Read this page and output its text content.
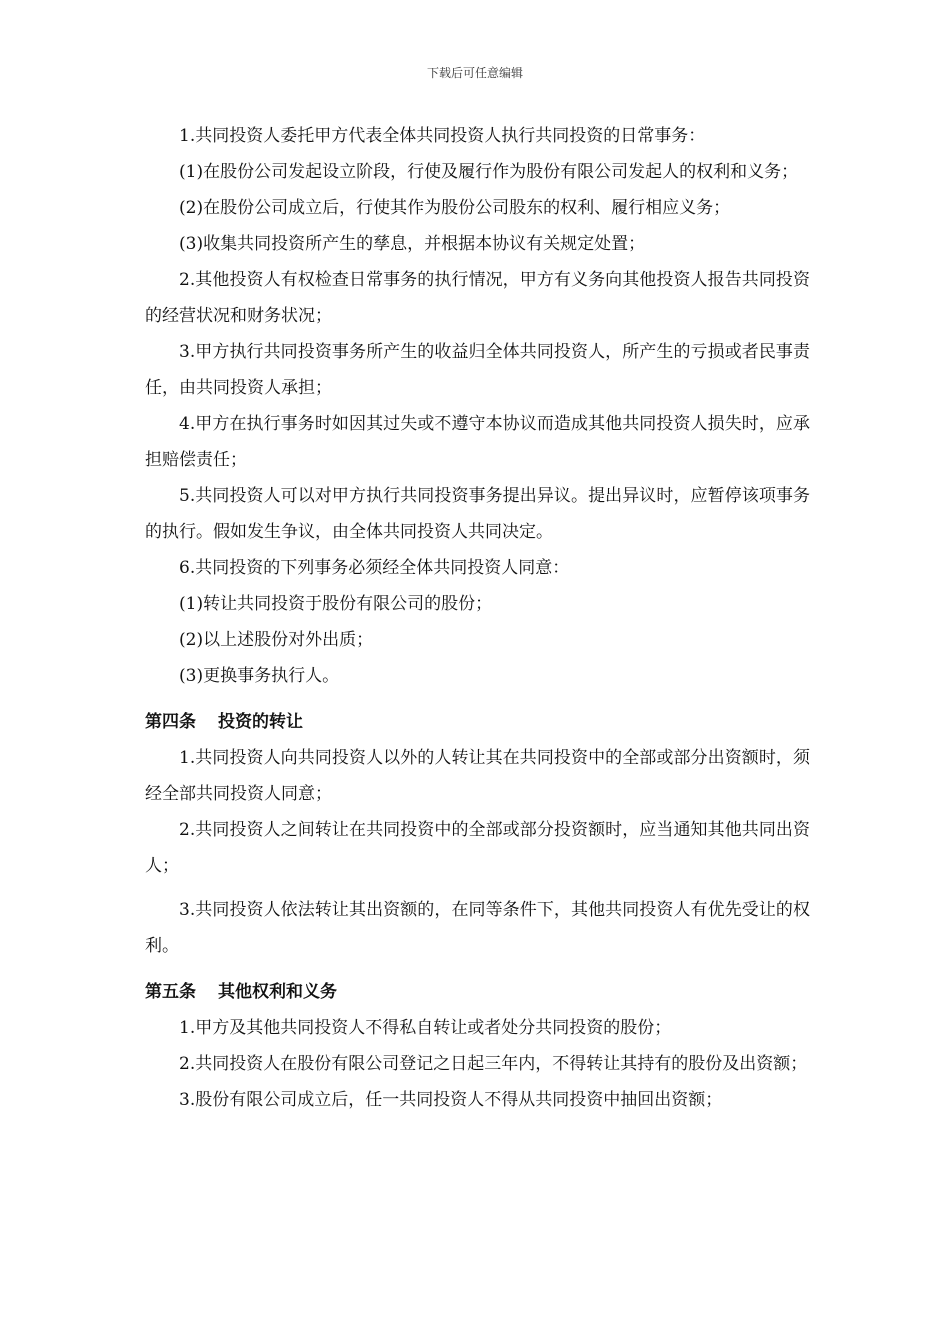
下载后可任意编辑

1.共同投资人委托甲方代表全体共同投资人执行共同投资的日常事务：

(1)在股份公司发起设立阶段，行使及履行作为股份有限公司发起人的权利和义务；

(2)在股份公司成立后，行使其作为股份公司股东的权利、履行相应义务；

(3)收集共同投资所产生的孳息，并根据本协议有关规定处置；

2.其他投资人有权检查日常事务的执行情况，甲方有义务向其他投资人报告共同投资的经营状况和财务状况；

3.甲方执行共同投资事务所产生的收益归全体共同投资人，所产生的亏损或者民事责任，由共同投资人承担；

4.甲方在执行事务时如因其过失或不遵守本协议而造成其他共同投资人损失时，应承担赔偿责任；

5.共同投资人可以对甲方执行共同投资事务提出异议。提出异议时，应暂停该项事务的执行。假如发生争议，由全体共同投资人共同决定。

6.共同投资的下列事务必须经全体共同投资人同意：

(1)转让共同投资于股份有限公司的股份；

(2)以上述股份对外出质；

(3)更换事务执行人。

第四条 投资的转让

1.共同投资人向共同投资人以外的人转让其在共同投资中的全部或部分出资额时，须经全部共同投资人同意；

2.共同投资人之间转让在共同投资中的全部或部分投资额时，应当通知其他共同出资人；

3.共同投资人依法转让其出资额的，在同等条件下，其他共同投资人有优先受让的权利。

第五条 其他权利和义务

1.甲方及其他共同投资人不得私自转让或者处分共同投资的股份；

2.共同投资人在股份有限公司登记之日起三年内，不得转让其持有的股份及出资额；

3.股份有限公司成立后，任一共同投资人不得从共同投资中抽回出资额；
